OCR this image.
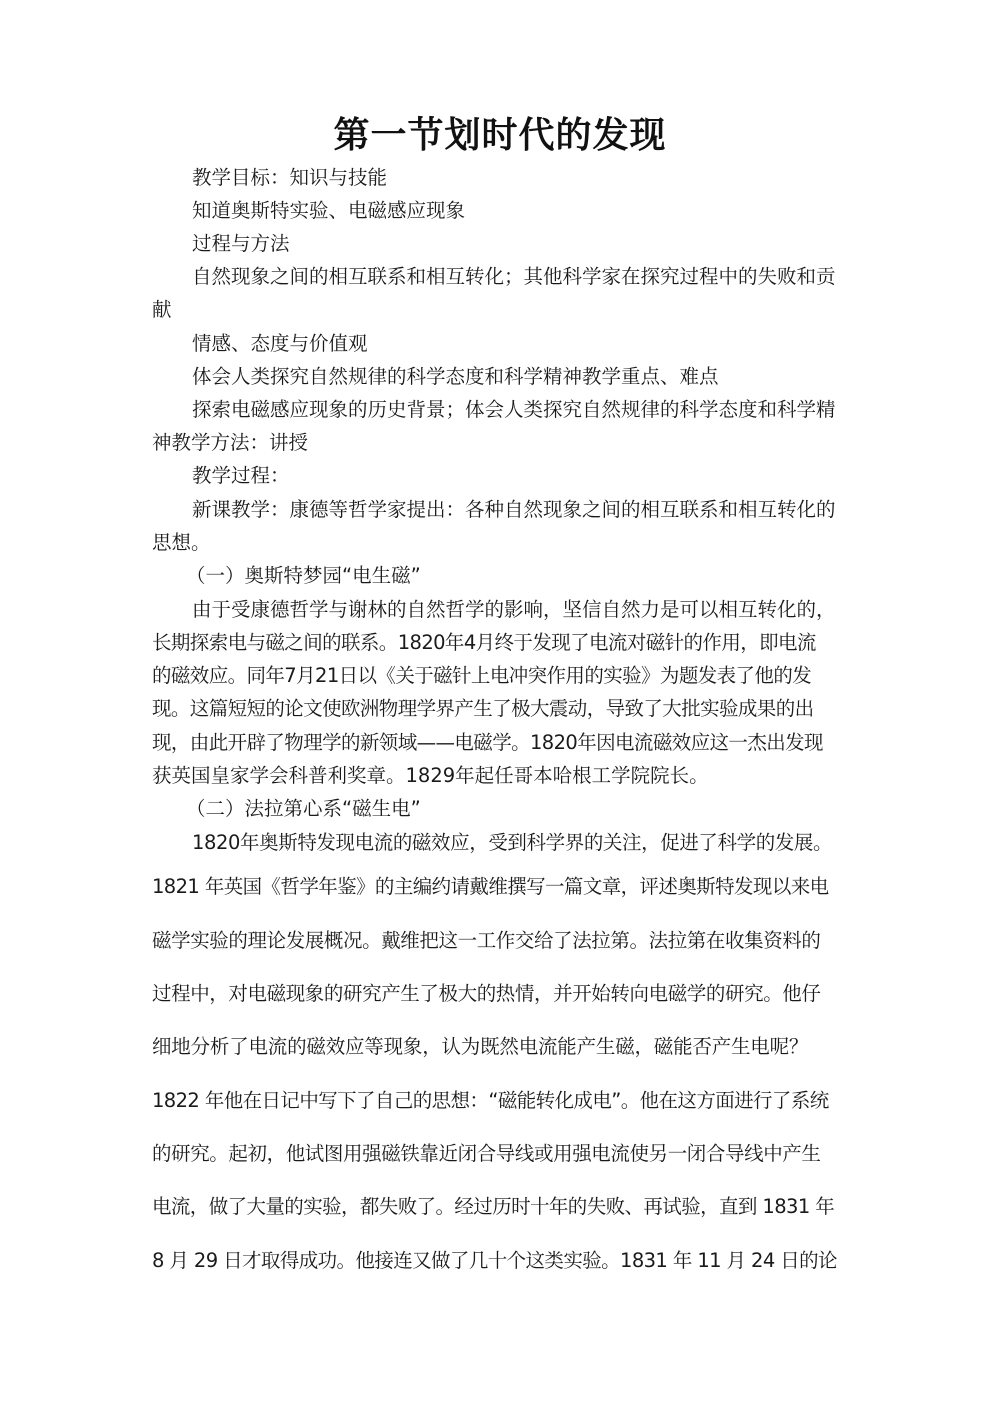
第一节划时代的发现
教学目标：知识与技能
知道奥斯特实验、电磁感应现象
过程与方法
自然现象之间的相互联系和相互转化；其他科学家在探究过程中的失败和贡
献
情感、态度与价值观
体会人类探究自然规律的科学态度和科学精神教学重点、难点
探索电磁感应现象的历史背景；体会人类探究自然规律的科学态度和科学精
神教学方法：讲授
教学过程：
新课教学：康德等哲学家提出：各种自然现象之间的相互联系和相互转化的
思想。
（一）奥斯特梦园“电生磁”
由于受康德哲学与谢林的自然哲学的影响，坚信自然力是可以相互转化的，
长期探索电与磁之间的联系。1820年4月终于发现了电流对磁针的作用，即电流
的磁效应。同年7月21日以《关于磁针上电冲突作用的实验》为题发表了他的发
现。这篇短短的论文使欧洲物理学界产生了极大震动，导致了大批实验成果的出
现，由此开辟了物理学的新领域——电磁学。1820年因电流磁效应这一杰出发现
获英国皇家学会科普利奖章。1829年起任哥本哈根工学院院长。
（二）法拉第心系“磁生电”
1820年奥斯特发现电流的磁效应，受到科学界的关注，促进了科学的发展。
1821 年英国《哲学年鉴》的主编约请戴维撰写一篇文章，评述奥斯特发现以来电
磁学实验的理论发展概况。戴维把这一工作交给了法拉第。法拉第在收集资料的
过程中，对电磁现象的研究产生了极大的热情，并开始转向电磁学的研究。他仔
细地分析了电流的磁效应等现象，认为既然电流能产生磁，磁能否产生电呢？
1822 年他在日记中写下了自己的思想：“磁能转化成电”。他在这方面进行了系统
的研究。起初，他试图用强磁铁靠近闭合导线或用强电流使另一闭合导线中产生
电流，做了大量的实验，都失败了。经过历时十年的失败、再试验，直到 1831 年
8 月 29 日才取得成功。他接连又做了几十个这类实验。1831 年 11 月 24 日的论
